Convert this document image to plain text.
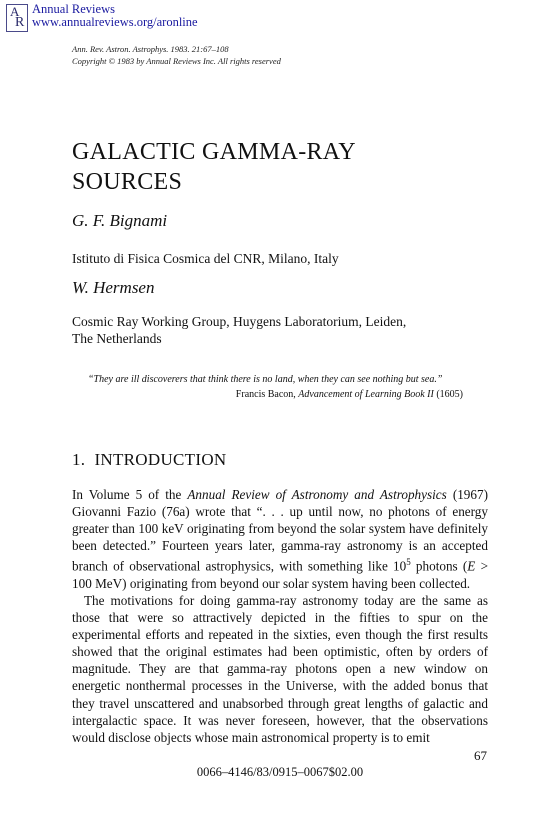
A
R
Annual Reviews
www.annualreviews.org/aronline
Ann. Rev. Astron. Astrophys. 1983. 21:67–108
Copyright © 1983 by Annual Reviews Inc. All rights reserved
GALACTIC GAMMA-RAY
SOURCES
G. F. Bignami
Istituto di Fisica Cosmica del CNR, Milano, Italy
W. Hermsen
Cosmic Ray Working Group, Huygens Laboratorium, Leiden,
The Netherlands
“They are ill discoverers that think there is no land, when they can see nothing but sea.”
Francis Bacon, Advancement of Learning Book II (1605)
1.  INTRODUCTION

In Volume 5 of the Annual Review of Astronomy and Astrophysics (1967) Giovanni Fazio (76a) wrote that “. . . up until now, no photons of energy greater than 100 keV originating from beyond the solar system have definitely been detected.” Fourteen years later, gamma-ray astronomy is an accepted branch of observational astrophysics, with something like $10^5$ photons (E > 100 MeV) originating from beyond our solar system having been collected.

The motivations for doing gamma-ray astronomy today are the same as those that were so attractively depicted in the fifties to spur on the experimental efforts and repeated in the sixties, even though the first results showed that the original estimates had been optimistic, often by orders of magnitude. They are that gamma-ray photons open a new window on energetic nonthermal processes in the Universe, with the added bonus that they travel unscattered and unabsorbed through great lengths of galactic and intergalactic space. It was never foreseen, however, that the observations would disclose objects whose main astronomical property is to emit

67
0066–4146/83/0915–0067$02.00
